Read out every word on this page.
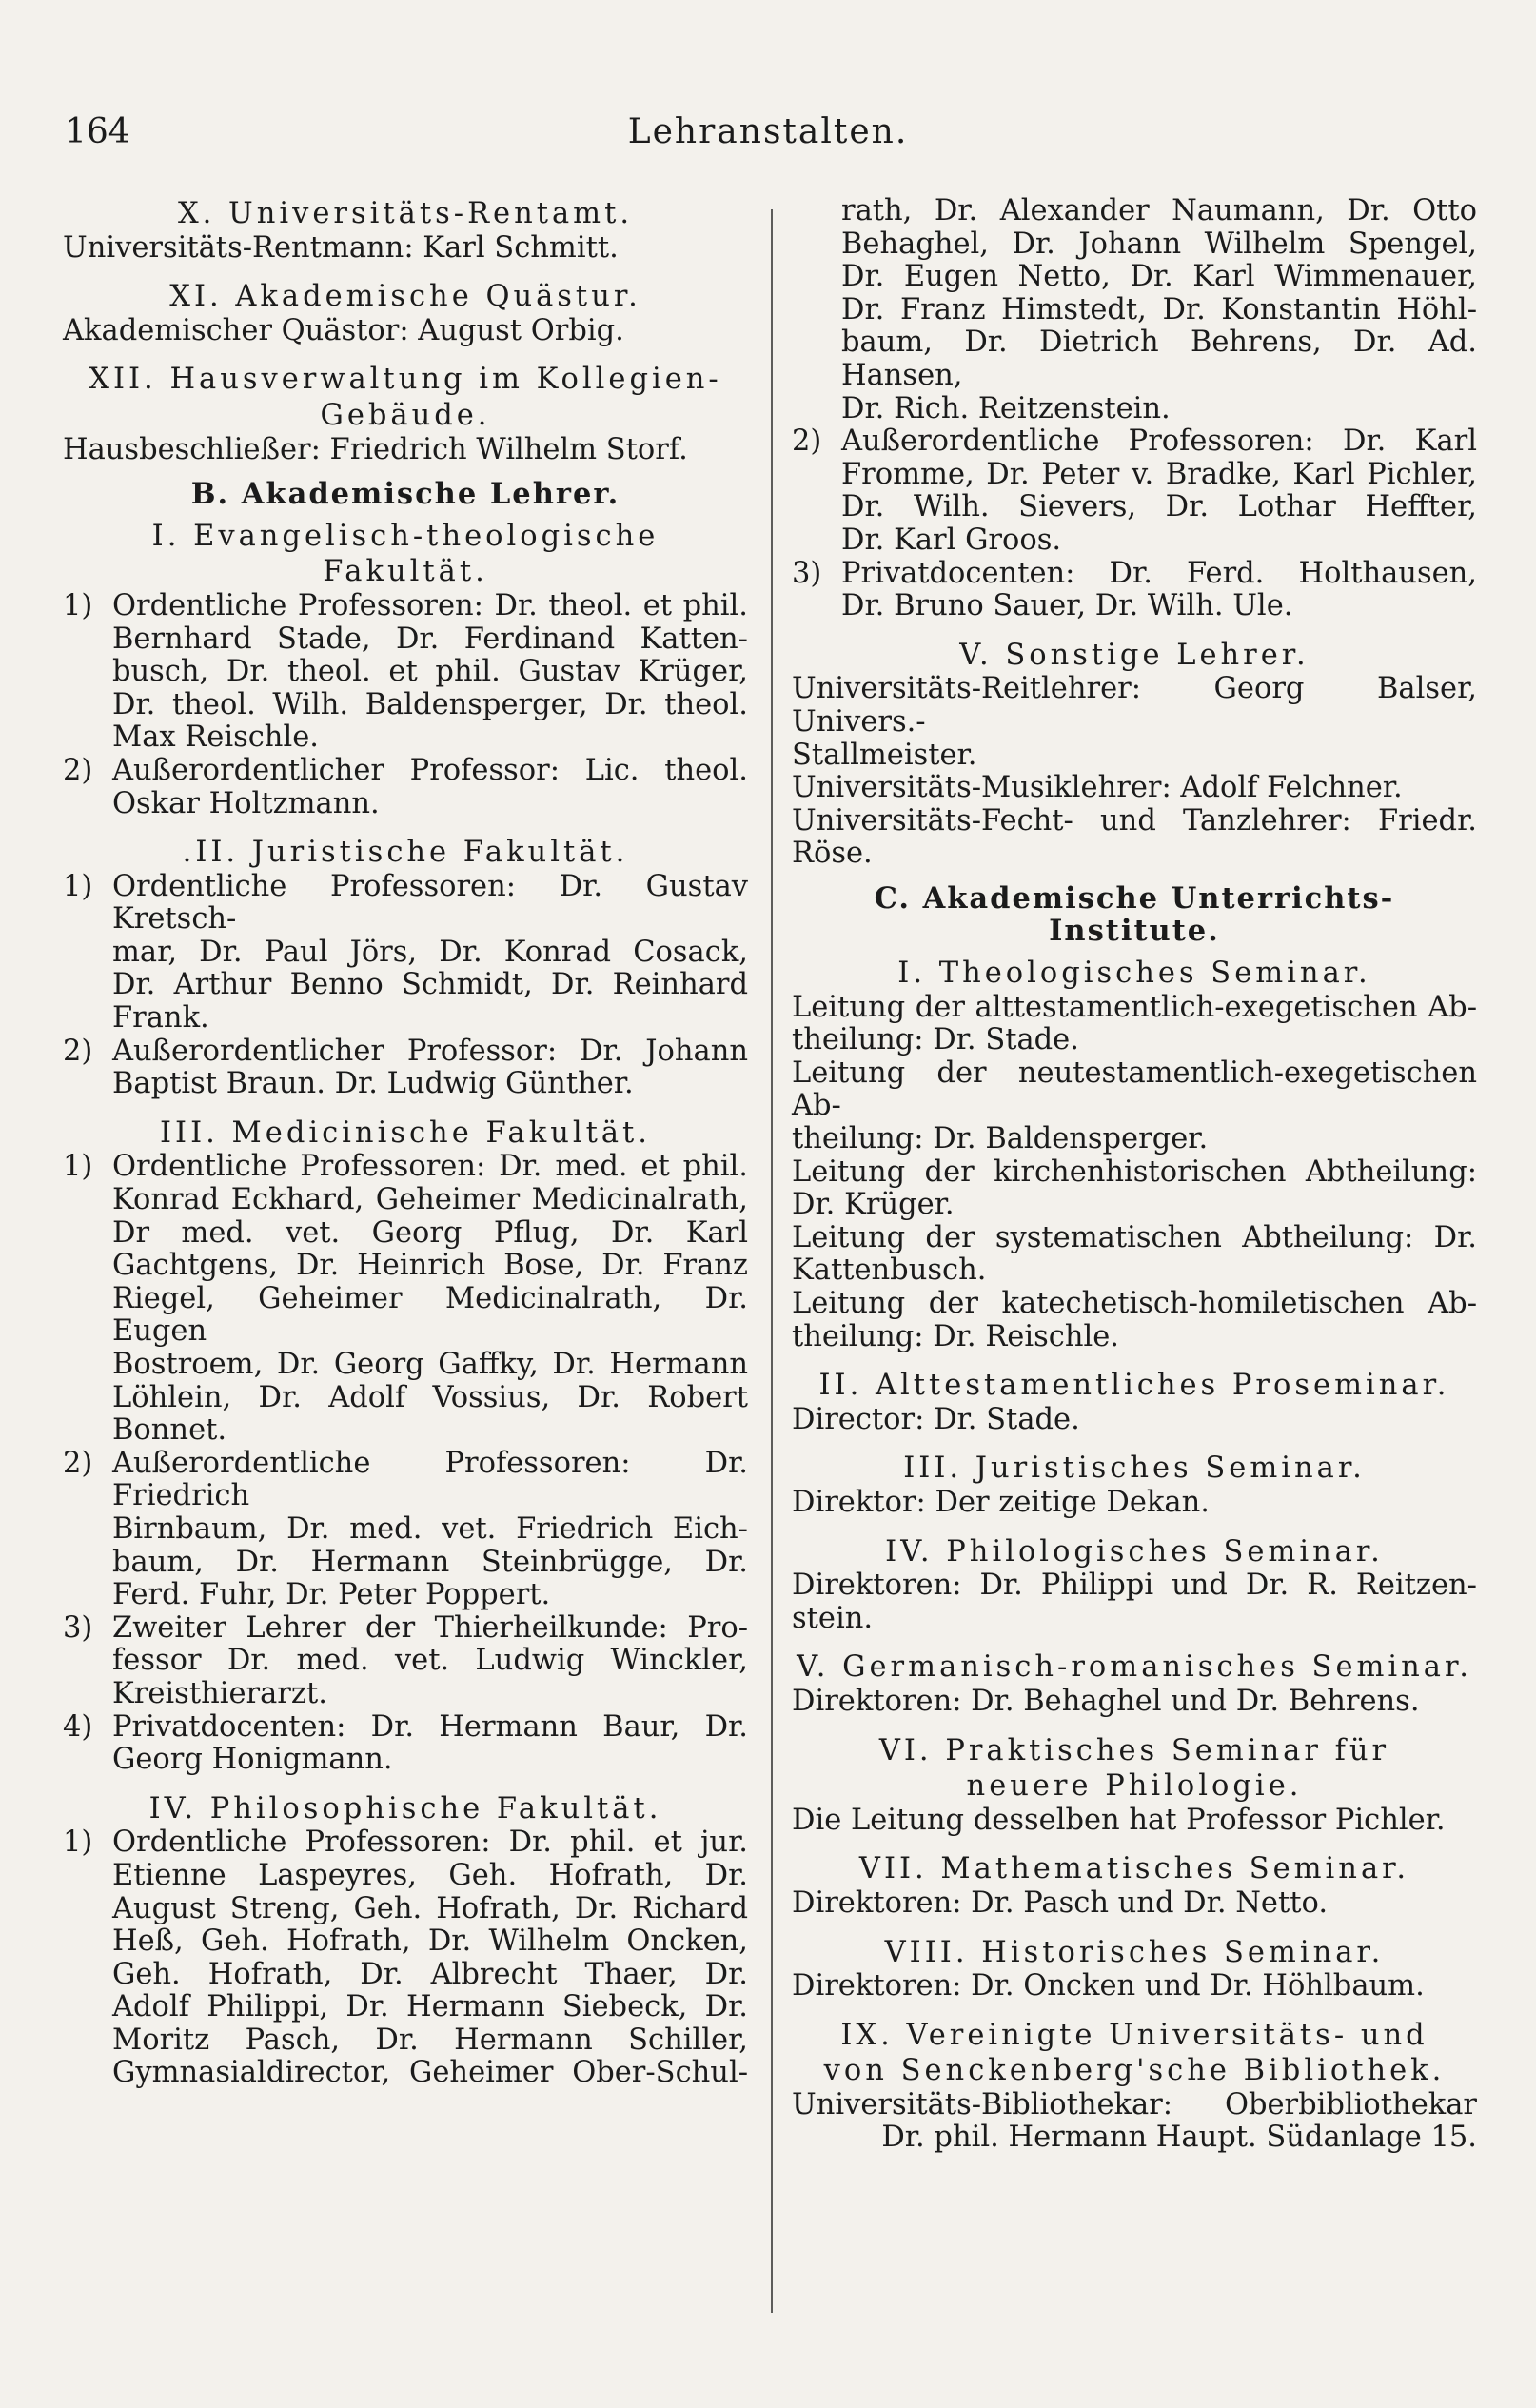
164	Lehranstalten.
X. Universitäts-Rentamt.
Universitäts-Rentmann: Karl Schmitt.
XI. Akademische Quästur.
Akademischer Quästor: August Orbig.
XII. Hausverwaltung im Kollegien-
Gebäude.
Hausbeschließer: Friedrich Wilhelm Storf.
B. Akademische Lehrer.
I. Evangelisch-theologische
Fakultät.
1) Ordentliche Professoren: Dr. theol. et phil.
Bernhard Stade, Dr. Ferdinand Katten-
busch, Dr. theol. et phil. Gustav Krüger,
Dr. theol. Wilh. Baldensperger, Dr. theol.
Max Reischle.
2) Außerordentlicher Professor: Lic. theol.
Oskar Holtzmann.
.II. Juristische Fakultät.
1) Ordentliche Professoren: Dr. Gustav Kretsch-
mar, Dr. Paul Jörs, Dr. Konrad Cosack,
Dr. Arthur Benno Schmidt, Dr. Reinhard
Frank.
2) Außerordentlicher Professor: Dr. Johann
Baptist Braun. Dr. Ludwig Günther.
III. Medicinische Fakultät.
1) Ordentliche Professoren: Dr. med. et phil.
Konrad Eckhard, Geheimer Medicinalrath,
Dr med. vet. Georg Pflug, Dr. Karl
Gachtgens, Dr. Heinrich Bose, Dr. Franz
Riegel, Geheimer Medicinalrath, Dr. Eugen
Bostroem, Dr. Georg Gaffky, Dr. Hermann
Löhlein, Dr. Adolf Vossius, Dr. Robert
Bonnet.
2) Außerordentliche Professoren: Dr. Friedrich
Birnbaum, Dr. med. vet. Friedrich Eich-
baum, Dr. Hermann Steinbrügge, Dr.
Ferd. Fuhr, Dr. Peter Poppert.
3) Zweiter Lehrer der Thierheilkunde: Pro-
fessor Dr. med. vet. Ludwig Winckler,
Kreisthierarzt.
4) Privatdocenten: Dr. Hermann Baur, Dr.
Georg Honigmann.
IV. Philosophische Fakultät.
1) Ordentliche Professoren: Dr. phil. et jur.
Etienne Laspeyres, Geh. Hofrath, Dr.
August Streng, Geh. Hofrath, Dr. Richard
Heß, Geh. Hofrath, Dr. Wilhelm Oncken,
Geh. Hofrath, Dr. Albrecht Thaer, Dr.
Adolf Philippi, Dr. Hermann Siebeck, Dr.
Moritz Pasch, Dr. Hermann Schiller,
Gymnasialdirector, Geheimer Ober-Schul-
rath, Dr. Alexander Naumann, Dr. Otto
Behaghel, Dr. Johann Wilhelm Spengel,
Dr. Eugen Netto, Dr. Karl Wimmenauer,
Dr. Franz Himstedt, Dr. Konstantin Höhl-
baum, Dr. Dietrich Behrens, Dr. Ad. Hansen,
Dr. Rich. Reitzenstein.
2) Außerordentliche Professoren: Dr. Karl
Fromme, Dr. Peter v. Bradke, Karl Pichler,
Dr. Wilh. Sievers, Dr. Lothar Heffter,
Dr. Karl Groos.
3) Privatdocenten: Dr. Ferd. Holthausen,
Dr. Bruno Sauer, Dr. Wilh. Ule.
V. Sonstige Lehrer.
Universitäts-Reitlehrer: Georg Balser, Univers.-
Stallmeister.
Universitäts-Musiklehrer: Adolf Felchner.
Universitäts-Fecht- und Tanzlehrer: Friedr.
Röse.
C. Akademische Unterrichts-Institute.
I. Theologisches Seminar.
Leitung der alttestamentlich-exegetischen Ab-
theilung: Dr. Stade.
Leitung der neutestamentlich-exegetischen Ab-
theilung: Dr. Baldensperger.
Leitung der kirchenhistorischen Abtheilung:
Dr. Krüger.
Leitung der systematischen Abtheilung: Dr.
Kattenbusch.
Leitung der katechetisch-homiletischen Ab-
theilung: Dr. Reischle.
II. Alttestamentliches Proseminar.
Director: Dr. Stade.
III. Juristisches Seminar.
Direktor: Der zeitige Dekan.
IV. Philologisches Seminar.
Direktoren: Dr. Philippi und Dr. R. Reitzen-
stein.
V. Germanisch-romanisches Seminar.
Direktoren: Dr. Behaghel und Dr. Behrens.
VI. Praktisches Seminar für
neuere Philologie.
Die Leitung desselben hat Professor Pichler.
VII. Mathematisches Seminar.
Direktoren: Dr. Pasch und Dr. Netto.
VIII. Historisches Seminar.
Direktoren: Dr. Oncken und Dr. Höhlbaum.
IX. Vereinigte Universitäts- und
von Senckenberg'sche Bibliothek.
Universitäts-Bibliothekar: Oberbibliothekar
Dr. phil. Hermann Haupt. Südanlage 15.
